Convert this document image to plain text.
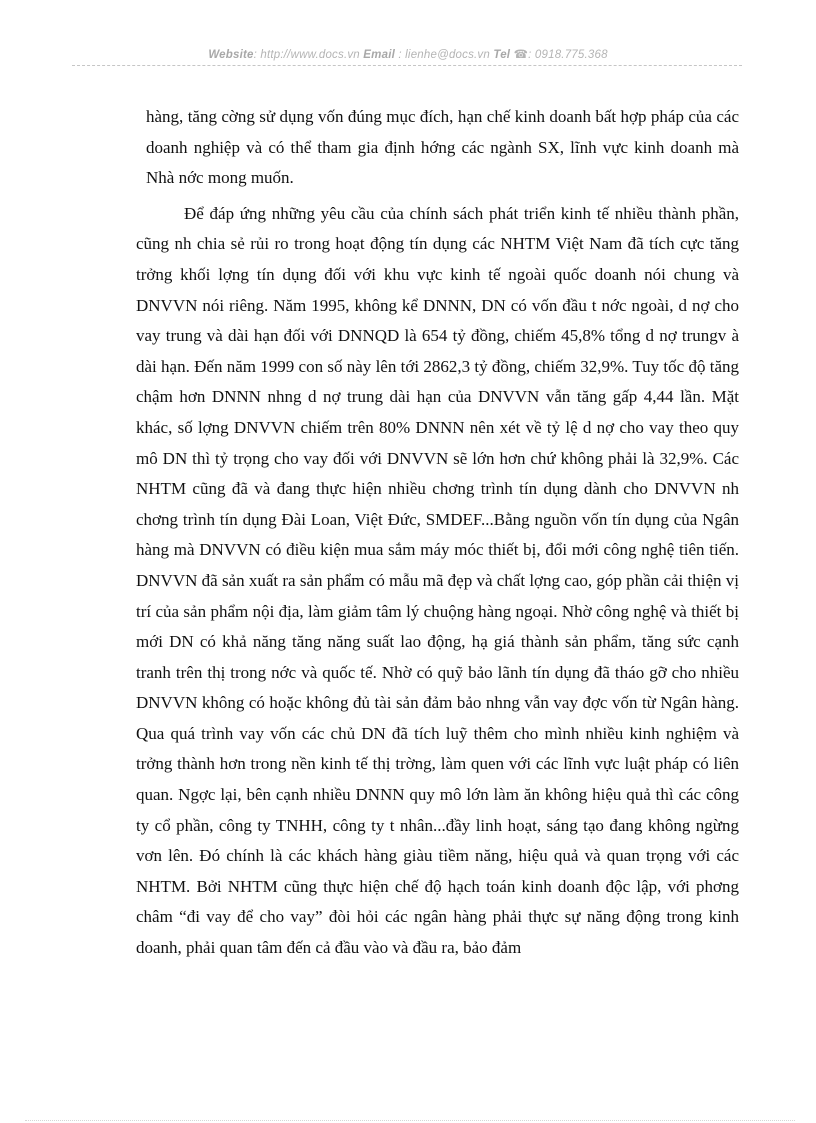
Website: http://www.docs.vn Email : lienhe@docs.vn Tel ☎: 0918.775.368

hàng, tăng cờng sử dụng vốn đúng mục đích, hạn chế kinh doanh bất hợp pháp của các doanh nghiệp và có thể tham gia định hớng các ngành SX, lĩnh vực kinh doanh mà Nhà nớc mong muốn.

Để đáp ứng những yêu cầu của chính sách phát triển kinh tế nhiều thành phần, cũng nh chia sẻ rủi ro trong hoạt động tín dụng các NHTM Việt Nam đã tích cực tăng trởng khối lợng tín dụng đối với khu vực kinh tế ngoài quốc doanh nói chung và DNVVN nói riêng. Năm 1995, không kể DNNN, DN có vốn đầu t nớc ngoài, d nợ cho vay trung và dài hạn đối với DNNQD là 654 tỷ đồng, chiếm 45,8% tổng d nợ trungv à dài hạn. Đến năm 1999 con số này lên tới 2862,3 tỷ đồng, chiếm 32,9%. Tuy tốc độ tăng chậm hơn DNNN nhng d nợ trung dài hạn của DNVVN vẫn tăng gấp 4,44 lần. Mặt khác, số lợng DNVVN chiếm trên 80% DNNN nên xét về tỷ lệ d nợ cho vay theo quy mô DN thì tỷ trọng cho vay đối với DNVVN sẽ lớn hơn chứ không phải là 32,9%. Các NHTM cũng đã và đang thực hiện nhiều chơng trình tín dụng dành cho DNVVN nh chơng trình tín dụng Đài Loan, Việt Đức, SMDEF...Bằng nguồn vốn tín dụng của Ngân hàng mà DNVVN có điều kiện mua sắm máy móc thiết bị, đổi mới công nghệ tiên tiến. DNVVN đã sản xuất ra sản phẩm có mẫu mã đẹp và chất lợng cao, góp phần cải thiện vị trí của sản phẩm nội địa, làm giảm tâm lý chuộng hàng ngoại. Nhờ công nghệ và thiết bị mới DN có khả năng tăng năng suất lao động, hạ giá thành sản phẩm, tăng sức cạnh tranh trên thị trong nớc và quốc tế. Nhờ có quỹ bảo lãnh tín dụng đã tháo gỡ cho nhiều DNVVN không có hoặc không đủ tài sản đảm bảo nhng vẫn vay đợc vốn từ Ngân hàng. Qua quá trình vay vốn các chủ DN đã tích luỹ thêm cho mình nhiều kinh nghiệm và trởng thành hơn trong nền kinh tế thị trờng, làm quen với các lĩnh vực luật pháp có liên quan. Ngợc lại, bên cạnh nhiều DNNN quy mô lớn làm ăn không hiệu quả thì các công ty cổ phần, công ty TNHH, công ty t nhân...đầy linh hoạt, sáng tạo đang không ngừng vơn lên. Đó chính là các khách hàng giàu tiềm năng, hiệu quả và quan trọng với các NHTM. Bởi NHTM cũng thực hiện chế độ hạch toán kinh doanh độc lập, với phơng châm “đi vay để cho vay” đòi hỏi các ngân hàng phải thực sự năng động trong kinh doanh, phải quan tâm đến cả đầu vào và đầu ra, bảo đảm
